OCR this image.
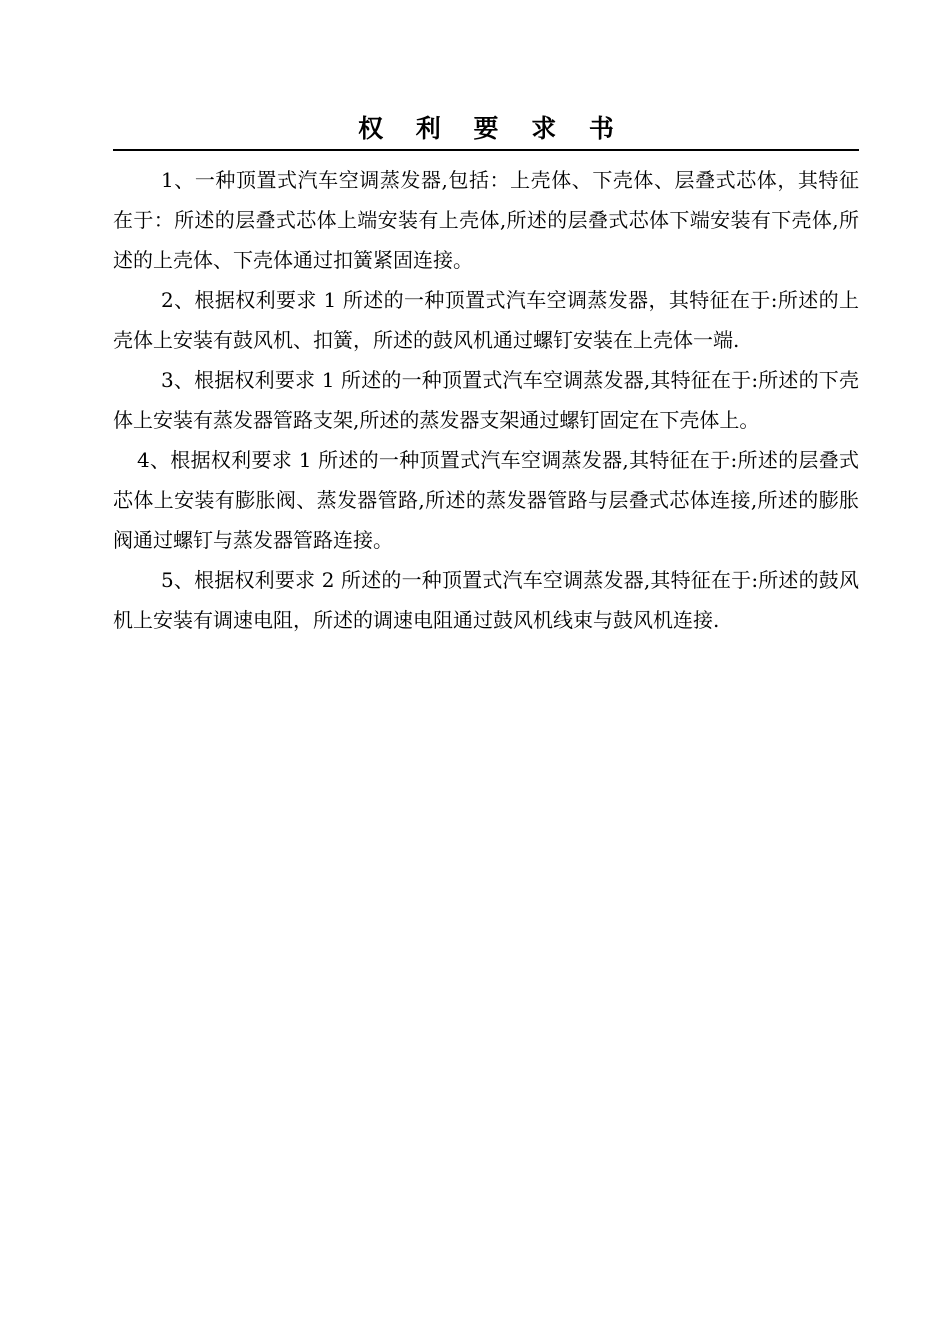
权 利 要 求 书

1、一种顶置式汽车空调蒸发器,包括：上壳体、下壳体、层叠式芯体，其特征在于：所述的层叠式芯体上端安装有上壳体,所述的层叠式芯体下端安装有下壳体,所述的上壳体、下壳体通过扣簧紧固连接。

2、根据权利要求 1 所述的一种顶置式汽车空调蒸发器，其特征在于:所述的上壳体上安装有鼓风机、扣簧，所述的鼓风机通过螺钉安装在上壳体一端.

3、根据权利要求 1 所述的一种顶置式汽车空调蒸发器,其特征在于:所述的下壳体上安装有蒸发器管路支架,所述的蒸发器支架通过螺钉固定在下壳体上。

4、根据权利要求 1 所述的一种顶置式汽车空调蒸发器,其特征在于:所述的层叠式芯体上安装有膨胀阀、蒸发器管路,所述的蒸发器管路与层叠式芯体连接,所述的膨胀阀通过螺钉与蒸发器管路连接。

5、根据权利要求 2 所述的一种顶置式汽车空调蒸发器,其特征在于:所述的鼓风机上安装有调速电阻，所述的调速电阻通过鼓风机线束与鼓风机连接.
